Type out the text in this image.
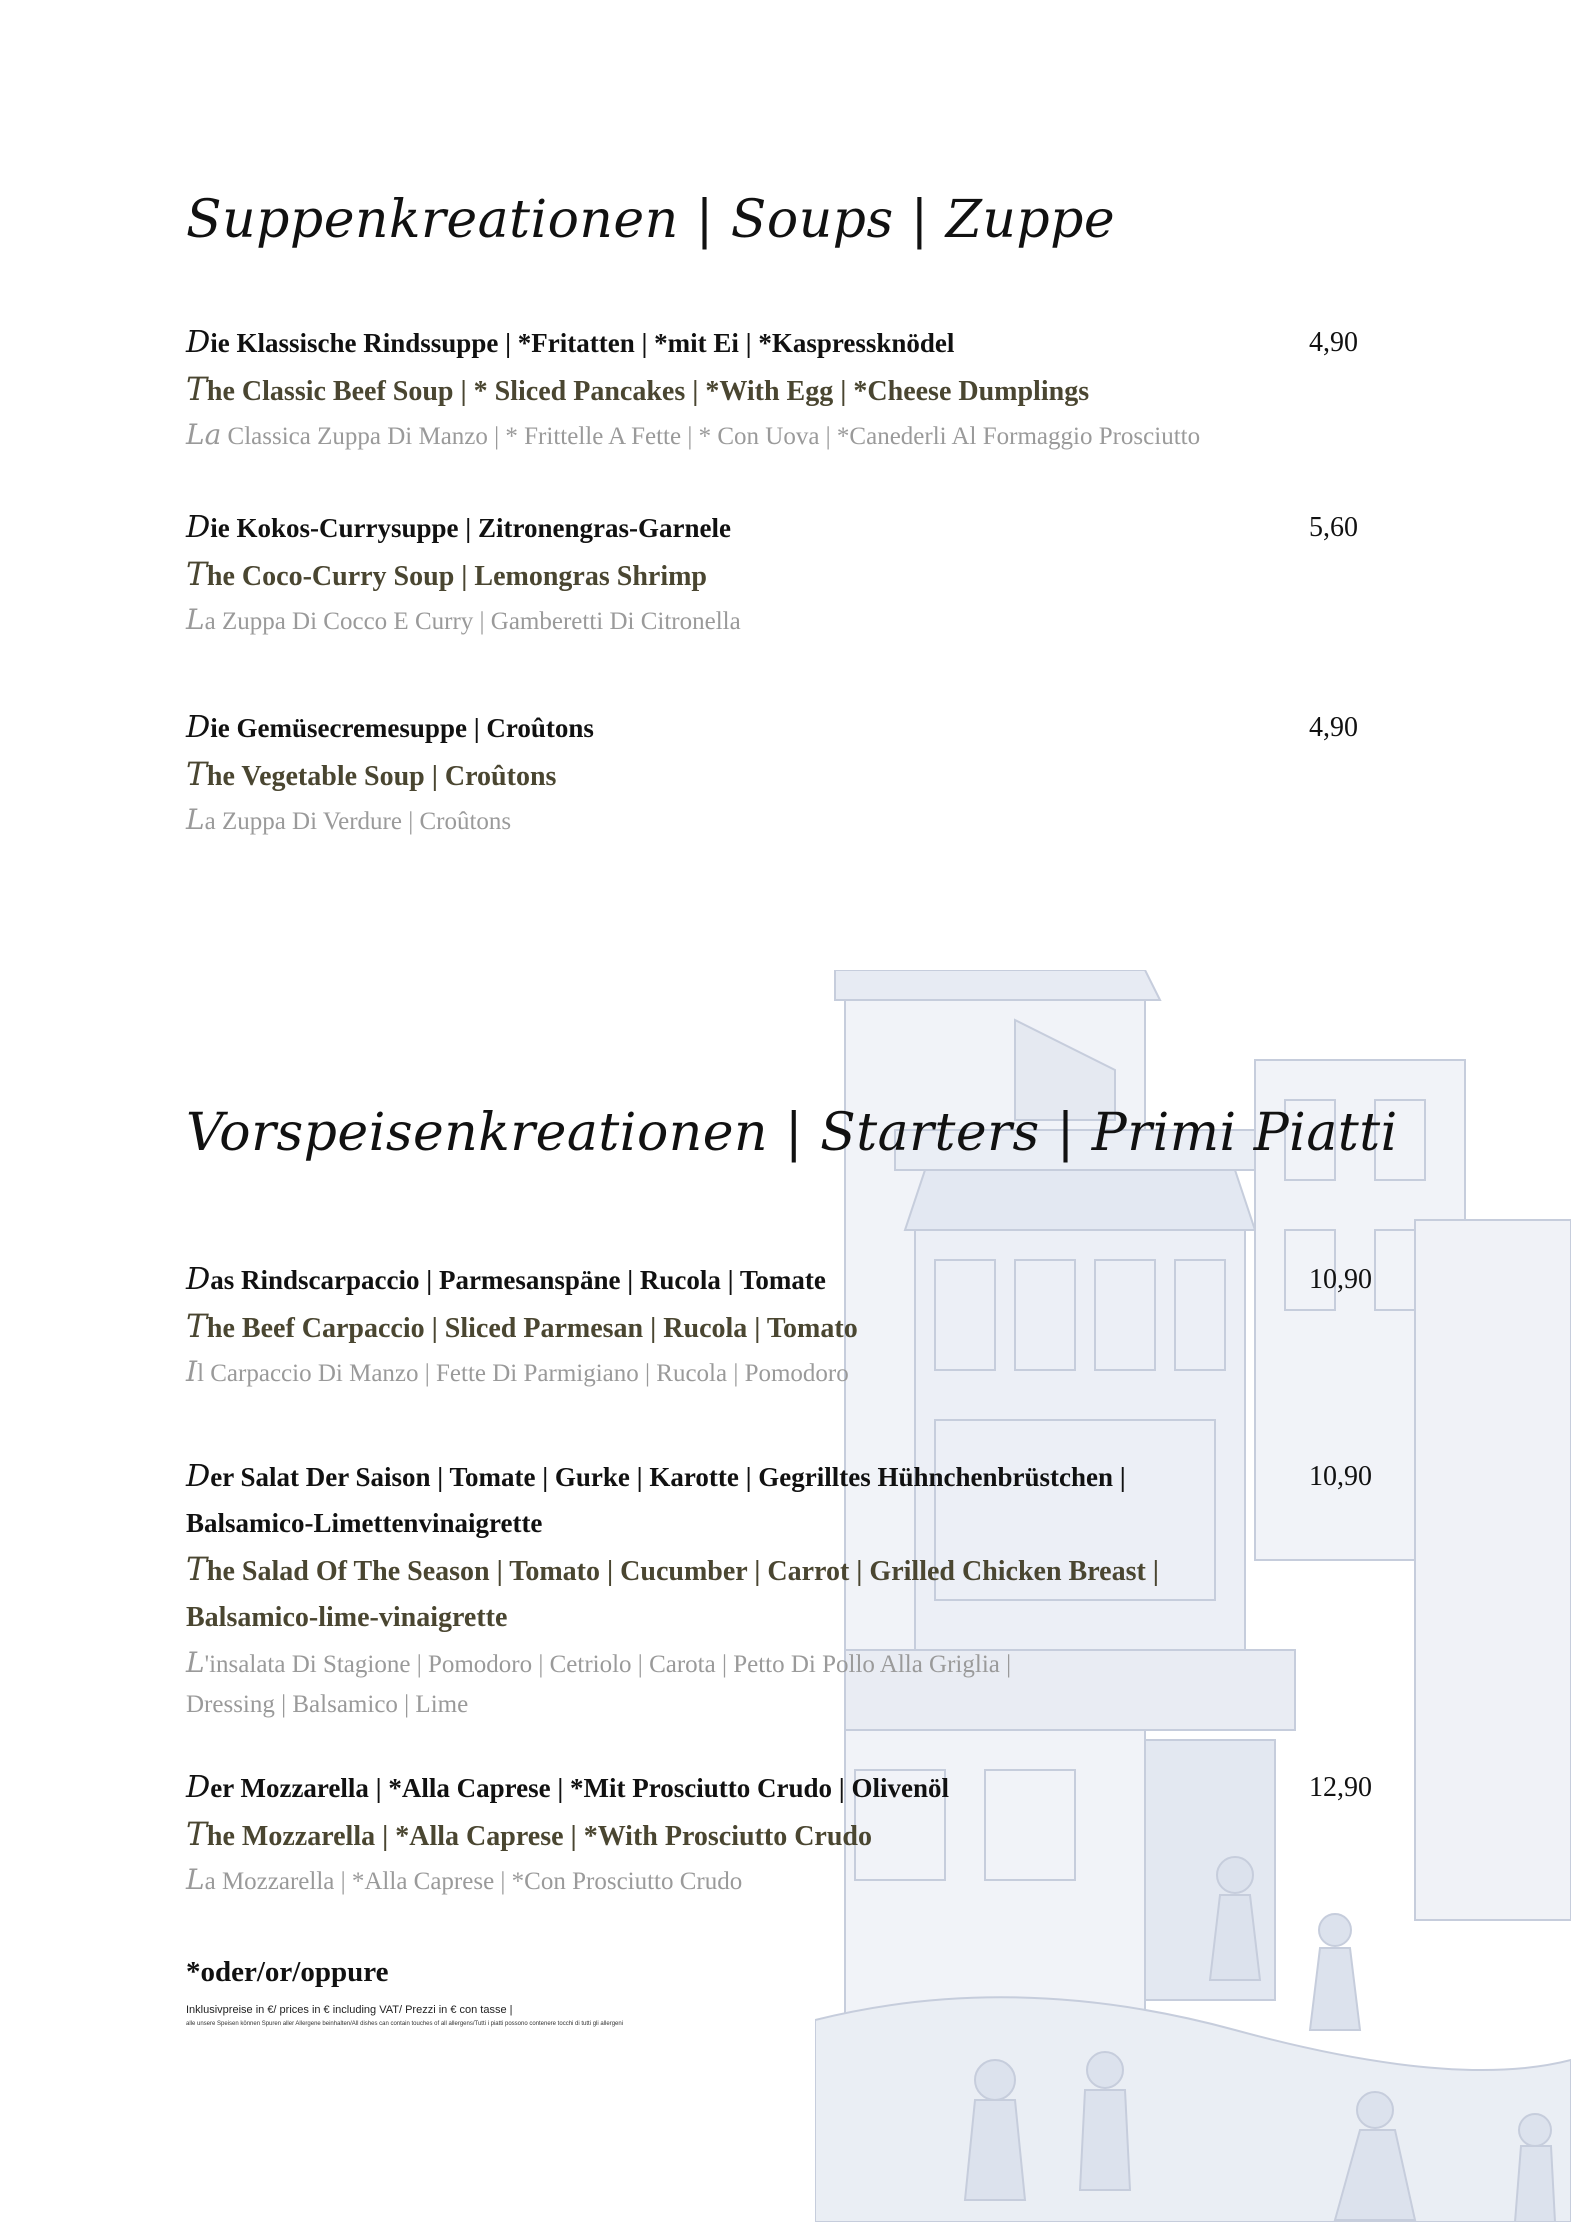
Suppenkreationen | Soups | Zuppe
Die Klassische Rindssuppe | *Fritatten | *mit Ei | *Kaspressknödel	4,90
The Classic Beef Soup | * Sliced Pancakes | *With Egg | *Cheese Dumplings
La Classica Zuppa Di Manzo | * Frittelle A Fette | * Con Uova | *Canederli Al Formaggio Prosciutto
Die Kokos-Currysuppe | Zitronengras-Garnele	5,60
The Coco-Curry Soup | Lemongras Shrimp
La Zuppa Di Cocco E Curry | Gamberetti Di Citronella
Die Gemüsecremesuppe | Croûtons	4,90
The Vegetable Soup | Croûtons
La Zuppa Di Verdure | Croûtons
Vorspeisenkreationen | Starters | Primi Piatti
Das Rindscarpaccio | Parmesanspäne | Rucola | Tomate	10,90
The Beef Carpaccio | Sliced Parmesan | Rucola | Tomato
Il Carpaccio Di Manzo | Fette Di Parmigiano | Rucola | Pomodoro
Der Salat Der Saison | Tomate | Gurke | Karotte | Gegrilltes Hühnchenbrüstchen |	10,90
Balsamico-Limettenvinaigrette
The Salad Of The Season | Tomato | Cucumber | Carrot | Grilled Chicken Breast |
Balsamico-lime-vinaigrette
L'insalata Di Stagione | Pomodoro | Cetriolo | Carota | Petto Di Pollo Alla Griglia |
Dressing | Balsamico | Lime
Der Mozzarella | *Alla Caprese | *Mit Prosciutto Crudo | Olivenöl	12,90
The Mozzarella | *Alla Caprese | *With Prosciutto Crudo
La Mozzarella | *Alla Caprese | *Con Prosciutto Crudo
*oder/or/oppure
Inklusivpreise in €/ prices in € including VAT/ Prezzi in € con tasse |
alle unsere Speisen können Spuren aller Allergene beinhalten/All dishes can contain touches of all allergens/Tutti i piatti possono contenere tocchi di tutti gli allergeni
